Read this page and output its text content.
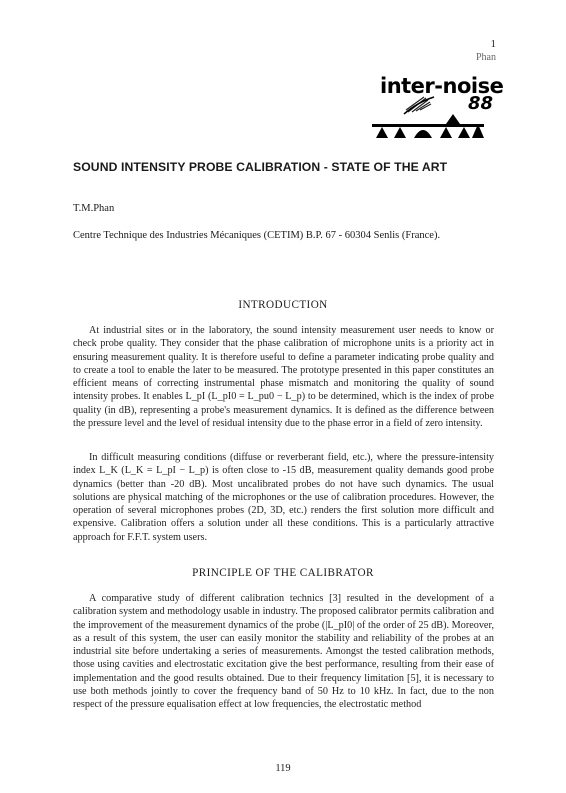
1
Phan
inter-noise
88
SOUND INTENSITY PROBE CALIBRATION - STATE OF THE ART
T.M.Phan
Centre Technique des Industries Mécaniques (CETIM) B.P. 67 - 60304 Senlis (France).
INTRODUCTION

At industrial sites or in the laboratory, the sound intensity measurement user needs to know or check probe quality. They consider that the phase calibration of microphone units is a priority act in ensuring measurement quality. It is therefore useful to define a parameter indicating probe quality and to create a tool to enable the later to be measured. The prototype presented in this paper constitutes an efficient means of correcting instrumental phase mismatch and monitoring the quality of sound intensity probes. It enables L_pI (L_pI0 = L_pu0 − L_p) to be determined, which is the index of probe quality (in dB), representing a probe's measurement dynamics. It is defined as the difference between the pressure level and the level of residual intensity due to the phase error in a field of zero intensity.

In difficult measuring conditions (diffuse or reverberant field, etc.), where the pressure-intensity index L_K (L_K = L_pI − L_p) is often close to -15 dB, measurement quality demands good probe dynamics (better than -20 dB). Most uncalibrated probes do not have such dynamics. The usual solutions are physical matching of the microphones or the use of calibration procedures. However, the operation of several microphones probes (2D, 3D, etc.) renders the first solution more difficult and expensive. Calibration offers a solution under all these conditions. This is a particularly attractive approach for F.F.T. system users.

PRINCIPLE OF THE CALIBRATOR

A comparative study of different calibration technics [3] resulted in the development of a calibration system and methodology usable in industry. The proposed calibrator permits calibration and the improvement of the measurement dynamics of the probe (|L_pI0| of the order of 25 dB). Moreover, as a result of this system, the user can easily monitor the stability and reliability of the probes at an industrial site before undertaking a series of measurements. Amongst the tested calibration methods, those using cavities and electrostatic excitation give the best performance, resulting from their ease of implementation and the good results obtained. Due to their frequency limitation [5], it is necessary to use both methods jointly to cover the frequency band of 50 Hz to 10 kHz. In fact, due to the non respect of the pressure equalisation effect at low frequencies, the electrostatic method

119
